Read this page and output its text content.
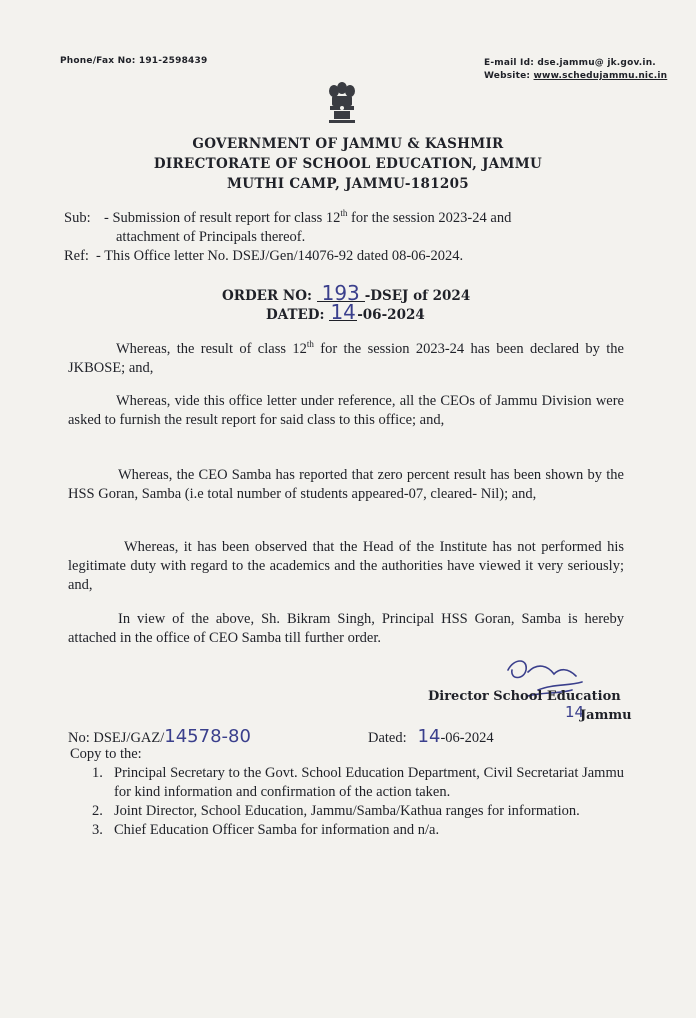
Phone/Fax No: 191-2598439	E-mail Id: dse.jammu@ jk.gov.in.

Website: www.schedujammu.nic.in

GOVERNMENT OF JAMMU & KASHMIR

DIRECTORATE OF SCHOOL EDUCATION, JAMMU

MUTHI CAMP, JAMMU-181205

Sub: - Submission of result report for class 12th for the session 2023-24 and

attachment of Principals thereof.

Ref: - This Office letter No. DSEJ/Gen/14076-92 dated 08-06-2024.

ORDER NO: 193 -DSEJ of 2024

DATED: 14-06-2024

Whereas, the result of class 12th for the session 2023-24 has been declared by the JKBOSE; and,

Whereas, vide this office letter under reference, all the CEOs of Jammu Division were asked to furnish the result report for said class to this office; and,

Whereas, the CEO Samba has reported that zero percent result has been shown by the HSS Goran, Samba (i.e total number of students appeared-07, cleared- Nil); and,

Whereas, it has been observed that the Head of the Institute has not performed his legitimate duty with regard to the academics and the authorities have viewed it very seriously; and,

In view of the above, Sh. Bikram Singh, Principal HSS Goran, Samba is hereby attached in the office of CEO Samba till further order.

Director School Education

14

Jammu

No: DSEJ/GAZ/14578-80	Dated: 14-06-2024

Copy to the:

1. Principal Secretary to the Govt. School Education Department, Civil Secretariat Jammu for kind information and confirmation of the action taken.
2. Joint Director, School Education, Jammu/Samba/Kathua ranges for information.
3. Chief Education Officer Samba for information and n/a.
